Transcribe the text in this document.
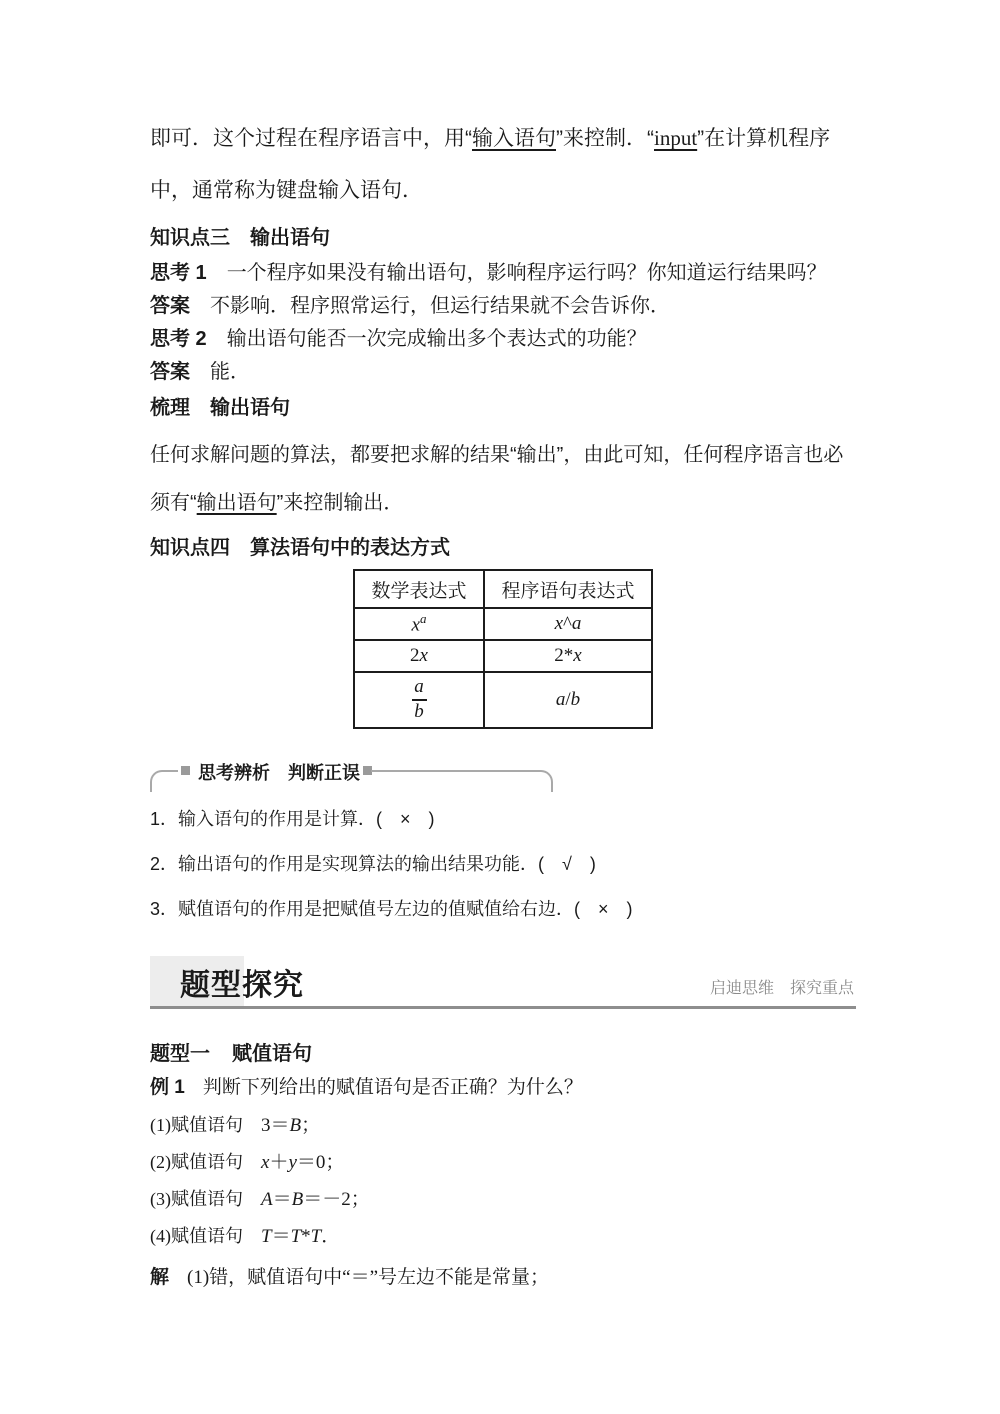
即可．这个过程在程序语言中，用“输入语句”来控制．“input”在计算机程序中，通常称为键盘输入语句．

知识点三　输出语句
思考 1 一个程序如果没有输出语句，影响程序运行吗？你知道运行结果吗？
答案 不影响．程序照常运行，但运行结果就不会告诉你．
思考 2 输出语句能否一次完成输出多个表达式的功能？
答案 能．
梳理 输出语句

任何求解问题的算法，都要把求解的结果“输出”，由此可知，任何程序语言也必须有“输出语句”来控制输出．

知识点四　算法语句中的表达方式
数学表达式	程序语句表达式
$x^a$	x^a
2x	2*x

$\frac{a}{b}$	a/b
思考辨析　判断正误
1．输入语句的作用是计算．(　×　)
2．输出语句的作用是实现算法的输出结果功能．(　√　)
3．赋值语句的作用是把赋值号左边的值赋值给右边．(　×　)
题型探究	启迪思维　探究重点
题型一 赋值语句
例 1 判断下列给出的赋值语句是否正确？为什么？
(1)赋值语句 3＝B；
(2)赋值语句 x＋y＝0；
(3)赋值语句 A＝B＝－2；
(4)赋值语句 T＝T*T．
解 (1)错，赋值语句中“＝”号左边不能是常量；
